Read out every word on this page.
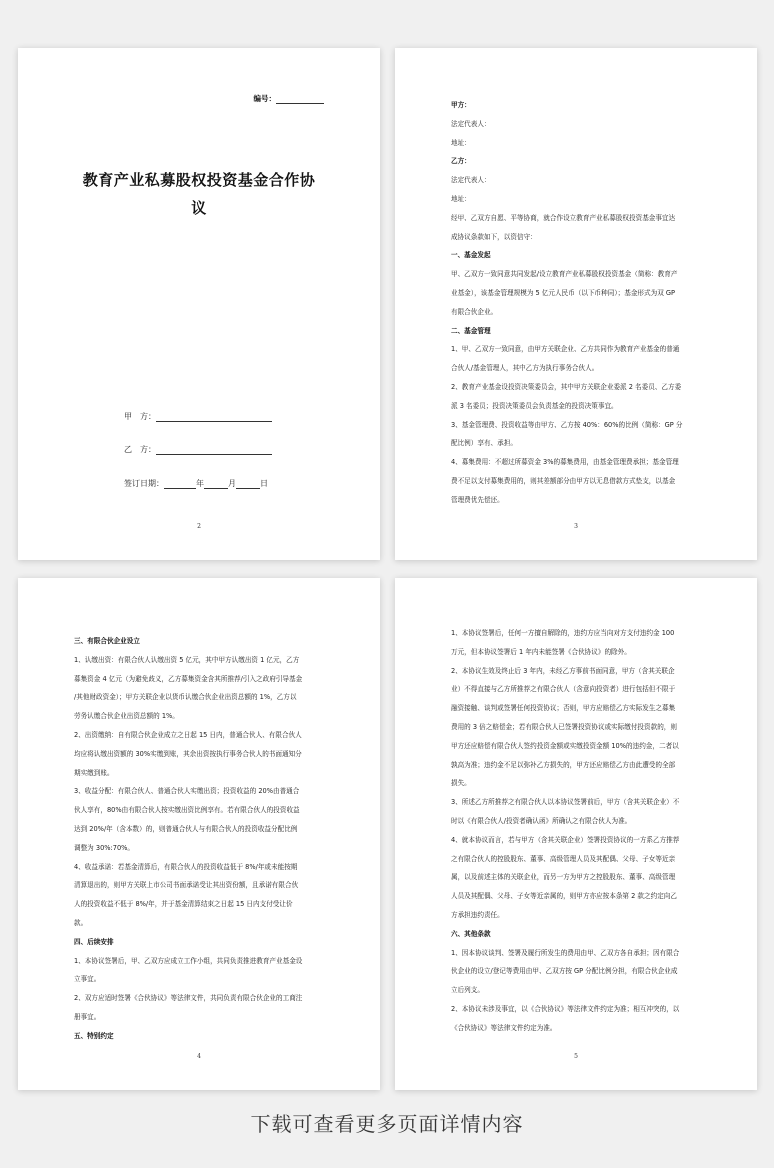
编号：
教育产业私募股权投资基金合作协
议
甲　方：
乙　方：
签订日期：	年	月	日
2

甲方：

法定代表人：

地址：

乙方：

法定代表人：

地址：

经甲、乙双方自愿、平等协商，就合作设立教育产业私募股权投资基金事宜达

成协议条款如下，以资信守：

一、基金发起

甲、乙双方一致同意共同发起/设立教育产业私募股权投资基金（简称：教育产

业基金），该基金管理规模为 5 亿元人民币（以下币种同）；基金形式为双 GP

有限合伙企业。

二、基金管理

1、甲、乙双方一致同意，由甲方关联企业、乙方共同作为教育产业基金的普通

合伙人/基金管理人，其中乙方为执行事务合伙人。

2、教育产业基金设投资决策委员会，其中甲方关联企业委派 2 名委员、乙方委

派 3 名委员；投资决策委员会负责基金的投资决策事宜。

3、基金管理费、投资收益等由甲方、乙方按 40%：60%的比例（简称：GP 分

配比例）享有、承担。

4、募集费用：不超过所募资金 3%的募集费用，由基金管理费承担；基金管理

费不足以支付募集费用的，则其差额部分由甲方以无息借款方式垫支，以基金

管理费优先偿还。

3

三、有限合伙企业设立

1、认缴出资：有限合伙人认缴出资 5 亿元，其中甲方认缴出资 1 亿元，乙方

募集资金 4 亿元（为避免歧义，乙方募集资金含其所推荐/引入之政府引导基金

/其他财政资金）；甲方关联企业以货币认缴合伙企业出资总额的 1%，乙方以

劳务认缴合伙企业出资总额的 1%。

2、出资缴纳：自有限合伙企业成立之日起 15 日内，普通合伙人、有限合伙人

均应将认缴出资额的 30%实缴到账，其余出资按执行事务合伙人的书面通知分

期实缴到账。

3、收益分配：有限合伙人、普通合伙人实缴出资；投资收益的 20%由普通合

伙人享有，80%由有限合伙人按实缴出资比例享有。若有限合伙人的投资收益

达到 20%/年（含本数）的，则普通合伙人与有限合伙人的投资收益分配比例

调整为 30%:70%。

4、收益承诺：若基金清算后，有限合伙人的投资收益低于 8%/年或未能按期

清算退出的，则甲方关联上市公司书面承诺受让其出资份额，且承诺有限合伙

人的投资收益不低于 8%/年，并于基金清算结束之日起 15 日内支付受让价

款。

四、后续安排

1、本协议签署后，甲、乙双方应成立工作小组，共同负责推进教育产业基金设

立事宜。

2、双方应适时签署《合伙协议》等法律文件，共同负责有限合伙企业的工商注

册事宜。

五、特别约定

4

1、本协议签署后，任何一方擅自解除的，违约方应当向对方支付违约金 100

万元，但本协议签署后 1 年内未能签署《合伙协议》的除外。

2、本协议生效及终止后 3 年内，未经乙方事前书面同意，甲方（含其关联企

业）不得直接与乙方所推荐之有限合伙人（含意向投资者）进行包括但不限于

融资接触、谈判或签署任何投资协议；否则，甲方应赔偿乙方实际发生之募集

费用的 3 倍之赔偿金；若有限合伙人已签署投资协议或实际缴付投资款的，则

甲方还应赔偿有限合伙人签约投资金额或实缴投资金额 10%的违约金，二者以

孰高为准；违约金不足以弥补乙方损失的，甲方还应赔偿乙方由此遭受的全部

损失。

3、所述乙方所推荐之有限合伙人以本协议签署前后，甲方（含其关联企业）不

时以《有限合伙人/投资者确认函》所确认之有限合伙人为准。

4、就本协议而言，若与甲方（含其关联企业）签署投资协议的一方系乙方推荐

之有限合伙人的控股股东、董事、高级管理人员及其配偶、父母、子女等近亲

属，以及前述主体的关联企业，而另一方为甲方之控股股东、董事、高级管理

人员及其配偶、父母、子女等近亲属的，则甲方亦应按本条第 2 款之约定向乙

方承担违约责任。

六、其他条款

1、因本协议谈判、签署及履行所发生的费用由甲、乙双方各自承担；因有限合

伙企业的设立/登记等费用由甲、乙双方按 GP 分配比例分担，有限合伙企业成

立后列支。

2、本协议未涉及事宜，以《合伙协议》等法律文件约定为准；相互冲突的，以

《合伙协议》等法律文件约定为准。

5
下载可查看更多页面详情内容
